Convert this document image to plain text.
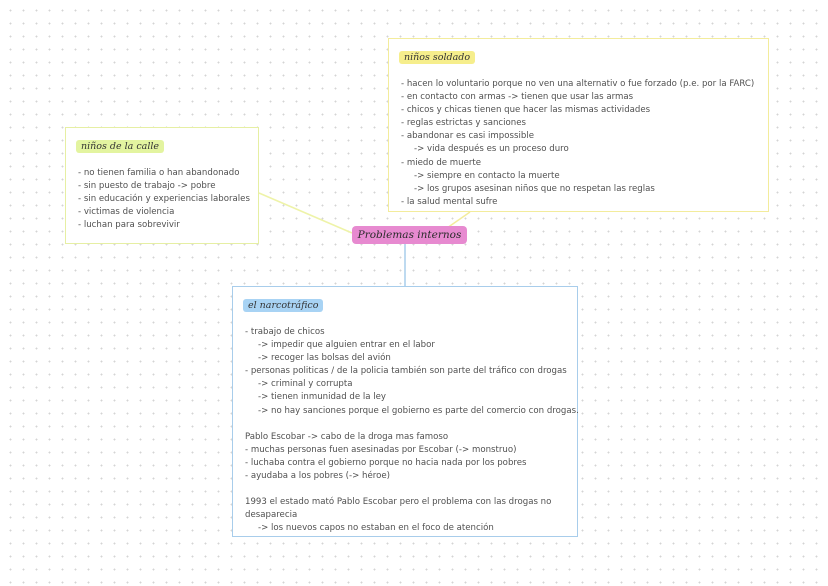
Problemas internos
niños de la calle
- no tienen familia o han abandonado
- sin puesto de trabajo -> pobre
- sin educación y experiencias laborales
- victimas de violencia
- luchan para sobrevivir
niños soldado
- hacen lo voluntario porque no ven una alternativ o fue forzado (p.e. por la FARC)
- en contacto con armas -> tienen que usar las armas
- chicos y chicas tienen que hacer las mismas actividades
- reglas estrictas y sanciones
- abandonar es casi impossible
-> vida después es un proceso duro
- miedo de muerte
-> siempre en contacto la muerte
-> los grupos asesinan niños que no respetan las reglas
- la salud mental sufre
el narcotráfico
- trabajo de chicos
-> impedir que alguien entrar en el labor
-> recoger las bolsas del avión
- personas politicas / de la policia también son parte del tráfico con drogas
-> criminal y corrupta
-> tienen inmunidad de la ley
-> no hay sanciones porque el gobierno es parte del comercio con drogas.
Pablo Escobar -> cabo de la droga mas famoso
- muchas personas fuen asesinadas por Escobar (-> monstruo)
- luchaba contra el gobierno porque no hacia nada por los pobres
- ayudaba a los pobres (-> héroe)
1993 el estado mató Pablo Escobar pero el problema con las drogas no
desaparecia
-> los nuevos capos no estaban en el foco de atención
